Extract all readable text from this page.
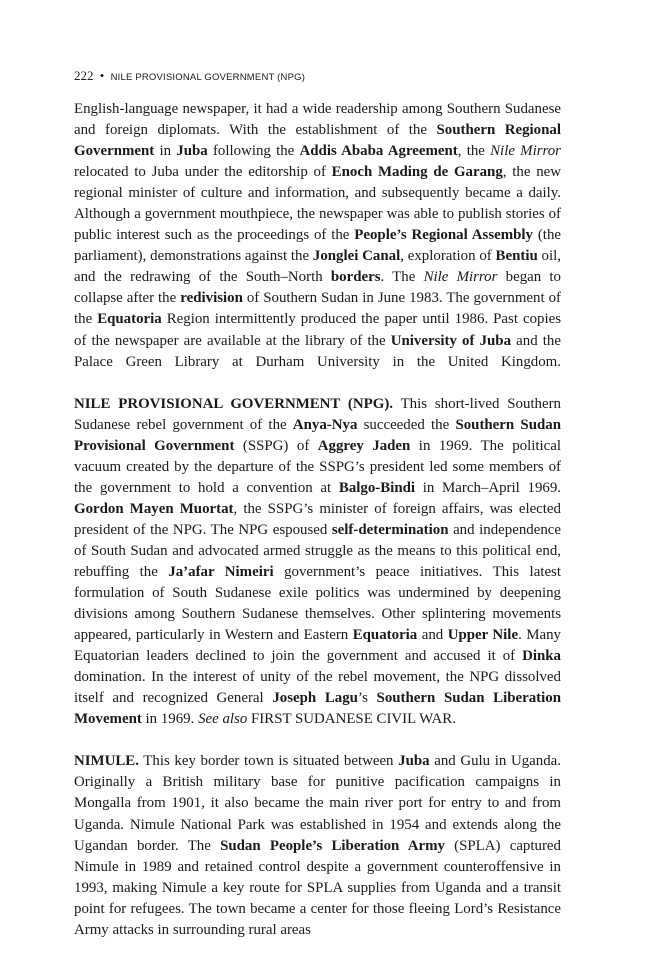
222 • NILE PROVISIONAL GOVERNMENT (NPG)

English-language newspaper, it had a wide readership among Southern Sudanese and foreign diplomats. With the establishment of the Southern Regional Government in Juba following the Addis Ababa Agreement, the Nile Mirror relocated to Juba under the editorship of Enoch Mading de Garang, the new regional minister of culture and information, and subsequently became a daily. Although a government mouthpiece, the newspaper was able to publish stories of public interest such as the proceedings of the People’s Regional Assembly (the parliament), demonstrations against the Jonglei Canal, exploration of Bentiu oil, and the redrawing of the South–North borders. The Nile Mirror began to collapse after the redivision of Southern Sudan in June 1983. The government of the Equatoria Region intermittently produced the paper until 1986. Past copies of the newspaper are available at the library of the University of Juba and the Palace Green Library at Durham University in the United Kingdom.

NILE PROVISIONAL GOVERNMENT (NPG). This short-lived Southern Sudanese rebel government of the Anya-Nya succeeded the Southern Sudan Provisional Government (SSPG) of Aggrey Jaden in 1969. The political vacuum created by the departure of the SSPG’s president led some members of the government to hold a convention at Balgo-Bindi in March–April 1969. Gordon Mayen Muortat, the SSPG’s minister of foreign affairs, was elected president of the NPG. The NPG espoused self-determination and independence of South Sudan and advocated armed struggle as the means to this political end, rebuffing the Ja’afar Nimeiri government’s peace initiatives. This latest formulation of South Sudanese exile politics was undermined by deepening divisions among Southern Sudanese themselves. Other splintering movements appeared, particularly in Western and Eastern Equatoria and Upper Nile. Many Equatorian leaders declined to join the government and accused it of Dinka domination. In the interest of unity of the rebel movement, the NPG dissolved itself and recognized General Joseph Lagu’s Southern Sudan Liberation Movement in 1969. See also FIRST SUDANESE CIVIL WAR.

NIMULE. This key border town is situated between Juba and Gulu in Uganda. Originally a British military base for punitive pacification campaigns in Mongalla from 1901, it also became the main river port for entry to and from Uganda. Nimule National Park was established in 1954 and extends along the Ugandan border. The Sudan People’s Liberation Army (SPLA) captured Nimule in 1989 and retained control despite a government counteroffensive in 1993, making Nimule a key route for SPLA supplies from Uganda and a transit point for refugees. The town became a center for those fleeing Lord’s Resistance Army attacks in surrounding rural areas
